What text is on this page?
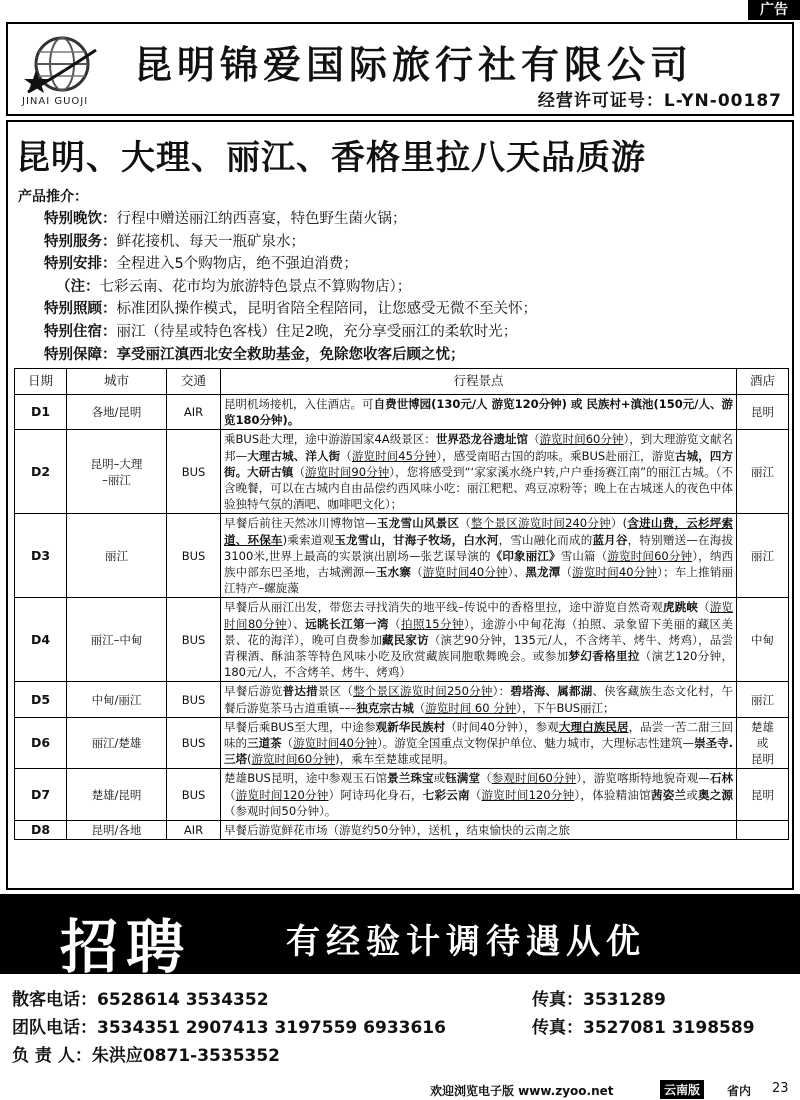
广告
JINAI GUOJI
昆明锦爱国际旅行社有限公司
经营许可证号：L-YN-00187
昆明、大理、丽江、香格里拉八天品质游
产品推介：
特别晚饮：行程中赠送丽江纳西喜宴，特色野生菌火锅；
特别服务：鲜花接机、每天一瓶矿泉水；
特别安排：全程进入5个购物店，绝不强迫消费；
（注：七彩云南、花市均为旅游特色景点不算购物店）；
特别照顾：标准团队操作模式，昆明省陪全程陪同，让您感受无微不至关怀；
特别住宿：丽江（待星或特色客栈）住足2晚，充分享受丽江的柔软时光；
特别保障：享受丽江滇西北安全救助基金，免除您收客后顾之忧；
日期	城市	交通	行程景点	酒店
D1	各地/昆明	AIR	昆明机场接机，入住酒店。可自费世博园(130元/人 游览120分钟) 或 民族村+滇池(150元/人、游览180分钟)。	昆明
D2	昆明–大理
–丽江	BUS	乘BUS赴大理，途中游游国家4A级景区：世界恐龙谷遗址馆（游览时间60分钟），到大理游览文献名邦—大理古城、洋人街（游览时间45分钟），感受南昭古国的韵味。乘BUS赴丽江，游览古城，四方街。大研古镇（游览时间90分钟），您将感受到“‘家家溪水绕户转,户户垂扬赛江南”的丽江古城。（不含晚餐，可以在古城内自由品偿约西风味小吃：丽江粑粑、鸡豆凉粉等；晚上在古城迷人的夜色中体验独特气氛的酒吧、咖啡吧文化）；	丽江
D3	丽江	BUS	早餐后前往天然冰川博物馆—玉龙雪山风景区（整个景区游览时间240分钟）(含进山费，云杉坪索道、环保车)乘索道观玉龙雪山，甘海子牧场，白水河，雪山融化而成的蓝月谷，特别赠送—在海拔3100米,世界上最高的实景演出剧场—张艺谋导演的《印象丽江》雪山篇（游览时间60分钟），纳西族中部东巴圣地，古城溯源—玉水寨（游览时间40分钟）、黑龙潭（游览时间40分钟）；车上推销丽江特产–螺旋藻	丽江
D4	丽江–中甸	BUS	早餐后从丽江出发，带您去寻找消失的地平线–传说中的香格里拉，途中游览自然奇观虎跳峡（游览时间80分钟）、远眺长江第一湾（拍照15分钟），途游小中甸花海（拍照、录象留下美丽的藏区美景、花的海洋），晚可自费参加藏民家访（演艺90分钟，135元/人，不含烤羊、烤牛、烤鸡），品尝青稞酒、酥油茶等特色风味小吃及欣赏藏族同胞歌舞晚会。或参加梦幻香格里拉（演艺120分钟，180元/人，不含烤羊、烤牛、烤鸡）	中甸
D5	中甸/丽江	BUS	早餐后游览普达措景区（整个景区游览时间250分钟）：碧塔海、属都湖、侠客藏族生态文化村，午餐后游览茶马古道重镇–––独克宗古城（游览时间 60 分钟），下午BUS丽江；	丽江
D6	丽江/楚雄	BUS	早餐后乘BUS至大理，中途参观新华民族村（时间40分钟），参观大理白族民居，品尝一苦二甜三回味的三道茶（游览时间40分钟）。游览全国重点文物保护单位、魅力城市，大理标志性建筑—崇圣寺.三塔(游览时间60分钟)，乘车至楚雄或昆明。	楚雄
或
昆明
D7	楚雄/昆明	BUS	楚雄BUS昆明，途中参观玉石馆景兰珠宝或钰满堂（参观时间60分钟），游览喀斯特地貌奇观—石林（游览时间120分钟）阿诗玛化身石，七彩云南（游览时间120分钟），体验精油馆茜姿兰或奥之源（参观时间50分钟）。	昆明
D8	昆明/各地	AIR	早餐后游览鲜花市场（游览约50分钟），送机 ，结束愉快的云南之旅	
招聘	有经验计调待遇从优
散客电话：6528614 3534352	传真：3531289
团队电话：3534351 2907413 3197559 6933616	传真：3527081 3198589
负 责 人：朱洪应0871-3535352
欢迎浏览电子版 www.zyoo.net	云南版	省内 23
